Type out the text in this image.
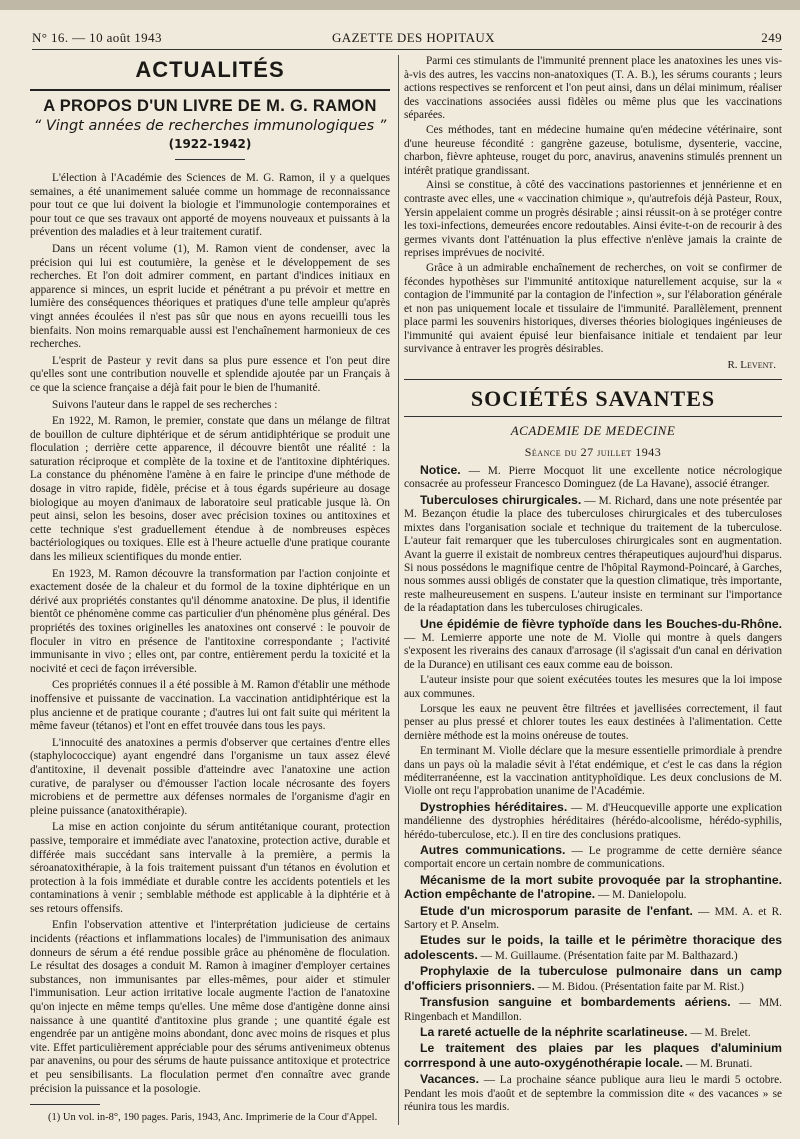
N° 16. — 10 août 1943	GAZETTE DES HOPITAUX	249
ACTUALITÉS
A PROPOS D'UN LIVRE DE M. G. RAMON
“ Vingt années de recherches immunologiques ”
(1922-1942)

L'élection à l'Académie des Sciences de M. G. Ramon, il y a quelques semaines, a été unanimement saluée comme un hommage de reconnaissance pour tout ce que lui doivent la biologie et l'immunologie contemporaines et pour tout ce que ses travaux ont apporté de moyens nouveaux et puissants à la prévention des maladies et à leur traitement curatif.

Dans un récent volume (1), M. Ramon vient de condenser, avec la précision qui lui est coutumière, la genèse et le développement de ses recherches. Et l'on doit admirer comment, en partant d'indices initiaux en apparence si minces, un esprit lucide et pénétrant a pu prévoir et mettre en lumière des conséquences théoriques et pratiques d'une telle ampleur qu'après vingt années écoulées il n'est pas sûr que nous en ayons recueilli tous les bienfaits. Non moins remarquable aussi est l'enchaînement harmonieux de ces recherches.

L'esprit de Pasteur y revit dans sa plus pure essence et l'on peut dire qu'elles sont une contribution nouvelle et splendide ajoutée par un Français à ce que la science française a déjà fait pour le bien de l'humanité.

Suivons l'auteur dans le rappel de ses recherches :

En 1922, M. Ramon, le premier, constate que dans un mélange de filtrat de bouillon de culture diphtérique et de sérum antidiphtérique se produit une floculation ; derrière cette apparence, il découvre bientôt une réalité : la saturation réciproque et complète de la toxine et de l'antitoxine diphtériques. La constance du phénomène l'amène à en faire le principe d'une méthode de dosage in vitro rapide, fidèle, précise et à tous égards supérieure au dosage biologique au moyen d'animaux de laboratoire seul praticable jusque là. On peut ainsi, selon les besoins, doser avec précision toxines ou antitoxines et cette technique s'est graduellement étendue à de nombreuses espèces bactériologiques ou toxiques. Elle est à l'heure actuelle d'une pratique courante dans les milieux scientifiques du monde entier.

En 1923, M. Ramon découvre la transformation par l'action conjointe et exactement dosée de la chaleur et du formol de la toxine diphtérique en un dérivé aux propriétés constantes qu'il dénomme anatoxine. De plus, il identifie bientôt ce phénomène comme cas particulier d'un phénomène plus général. Des propriétés des toxines originelles les anatoxines ont conservé : le pouvoir de floculer in vitro en présence de l'antitoxine correspondante ; l'activité immunisante in vivo ; elles ont, par contre, entièrement perdu la toxicité et la nocivité et ceci de façon irréversible.

Ces propriétés connues il a été possible à M. Ramon d'établir une méthode inoffensive et puissante de vaccination. La vaccination antidiphtérique est la plus ancienne et de pratique courante ; d'autres lui ont fait suite qui méritent la même faveur (tétanos) et l'ont en effet trouvée dans tous les pays.

L'innocuité des anatoxines a permis d'observer que certaines d'entre elles (staphylococcique) ayant engendré dans l'organisme un taux assez élevé d'antitoxine, il devenait possible d'atteindre avec l'anatoxine une action curative, de paralyser ou d'émousser l'action locale nécrosante des foyers microbiens et de permettre aux défenses normales de l'organisme d'agir en pleine puissance (anatoxithérapie).

La mise en action conjointe du sérum antitétanique courant, protection passive, temporaire et immédiate avec l'anatoxine, protection active, durable et différée mais succédant sans intervalle à la première, a permis la séroanatoxithérapie, à la fois traitement puissant d'un tétanos en évolution et protection à la fois immédiate et durable contre les accidents potentiels et les contaminations à venir ; semblable méthode est applicable à la diphtérie et à ses retours offensifs.

Enfin l'observation attentive et l'interprétation judicieuse de certains incidents (réactions et inflammations locales) de l'immunisation des animaux donneurs de sérum a été rendue possible grâce au phénomène de floculation. Le résultat des dosages a conduit M. Ramon à imaginer d'employer certaines substances, non immunisantes par elles-mêmes, pour aider et stimuler l'immunisation. Leur action irritative locale augmente l'action de l'anatoxine qu'on injecte en même temps qu'elles. Une même dose d'antigène donne ainsi naissance à une quantité d'antitoxine plus grande ; une quantité égale est engendrée par un antigène moins abondant, donc avec moins de risques et plus vite. Effet particulièrement appréciable pour des sérums antivenimeux obtenus par anavenins, ou pour des sérums de haute puissance antitoxique et protectrice et peu sensibilisants. La floculation permet d'en connaître avec grande précision la puissance et la posologie.

(1) Un vol. in-8°, 190 pages. Paris, 1943, Anc. Imprimerie de la Cour d'Appel.

Parmi ces stimulants de l'immunité prennent place les anatoxines les unes vis-à-vis des autres, les vaccins non-anatoxiques (T. A. B.), les sérums courants ; leurs actions respectives se renforcent et l'on peut ainsi, dans un délai minimum, réaliser des vaccinations associées aussi fidèles ou même plus que les vaccinations séparées.

Ces méthodes, tant en médecine humaine qu'en médecine vétérinaire, sont d'une heureuse fécondité : gangrène gazeuse, botulisme, dysenterie, vaccine, charbon, fièvre aphteuse, rouget du porc, anavirus, anavenins stimulés prennent un intérêt pratique grandissant.

Ainsi se constitue, à côté des vaccinations pastoriennes et jennérienne et en contraste avec elles, une « vaccination chimique », qu'autrefois déjà Pasteur, Roux, Yersin appelaient comme un progrès désirable ; ainsi réussit-on à se protéger contre les toxi-infections, demeurées encore redoutables. Ainsi évite-t-on de recourir à des germes vivants dont l'atténuation la plus effective n'enlève jamais la crainte de reprises imprévues de nocivité.

Grâce à un admirable enchaînement de recherches, on voit se confirmer de fécondes hypothèses sur l'immunité antitoxique naturellement acquise, sur la « contagion de l'immunité par la contagion de l'infection », sur l'élaboration générale et non pas uniquement locale et tissulaire de l'immunité. Parallèlement, prennent place parmi les souvenirs historiques, diverses théories biologiques ingénieuses de l'immunité qui avaient épuisé leur bienfaisance initiale et tendaient par leur survivance à entraver les progrès désirables.

R. Levent.
SOCIÉTÉS SAVANTES
ACADEMIE DE MEDECINE
Séance du 27 juillet 1943

Notice. — M. Pierre Mocquot lit une excellente notice nécrologique consacrée au professeur Francesco Dominguez (de La Havane), associé étranger.

Tuberculoses chirurgicales. — M. Richard, dans une note présentée par M. Bezançon étudie la place des tuberculoses chirurgicales et des tuberculoses mixtes dans l'organisation sociale et technique du traitement de la tuberculose. L'auteur fait remarquer que les tuberculoses chirurgicales sont en augmentation. Avant la guerre il existait de nombreux centres thérapeutiques aujourd'hui disparus. Si nous possédons le magnifique centre de l'hôpital Raymond-Poincaré, à Garches, nous sommes aussi obligés de constater que la question climatique, très importante, reste malheureusement en suspens. L'auteur insiste en terminant sur l'importance de la réadaptation dans les tuberculoses chirugicales.

Une épidémie de fièvre typhoïde dans les Bouches-du-Rhône. — M. Lemierre apporte une note de M. Violle qui montre à quels dangers s'exposent les riverains des canaux d'arrosage (il s'agissait d'un canal en dérivation de la Durance) en utilisant ces eaux comme eau de boisson.

L'auteur insiste pour que soient exécutées toutes les mesures que la loi impose aux communes.

Lorsque les eaux ne peuvent être filtrées et javellisées correctement, il faut penser au plus pressé et chlorer toutes les eaux destinées à l'alimentation. Cette dernière méthode est la moins onéreuse de toutes.

En terminant M. Violle déclare que la mesure essentielle primordiale à prendre dans un pays où la maladie sévit à l'état endémique, et c'est le cas dans la région méditerranéenne, est la vaccination antityphoïdique. Les deux conclusions de M. Violle ont reçu l'approbation unanime de l'Académie.

Dystrophies héréditaires. — M. d'Heucqueville apporte une explication mandélienne des dystrophies héréditaires (hérédo-alcoolisme, hérédo-syphilis, hérédo-tuberculose, etc.). Il en tire des conclusions pratiques.

Autres communications. — Le programme de cette dernière séance comportait encore un certain nombre de communications.

Mécanisme de la mort subite provoquée par la strophantine. Action empêchante de l'atropine. — M. Danielopolu.

Etude d'un microsporum parasite de l'enfant. — MM. A. et R. Sartory et P. Anselm.

Etudes sur le poids, la taille et le périmètre thoracique des adolescents. — M. Guillaume. (Présentation faite par M. Balthazard.)

Prophylaxie de la tuberculose pulmonaire dans un camp d'officiers prisonniers. — M. Bidou. (Présentation faite par M. Rist.)

Transfusion sanguine et bombardements aériens. — MM. Ringenbach et Mandillon.

La rareté actuelle de la néphrite scarlatineuse. — M. Brelet.

Le traitement des plaies par les plaques d'aluminium corrrespond à une auto-oxygénothérapie locale. — M. Brunati.

Vacances. — La prochaine séance publique aura lieu le mardi 5 octobre. Pendant les mois d'août et de septembre la commission dite « des vacances » se réunira tous les mardis.
